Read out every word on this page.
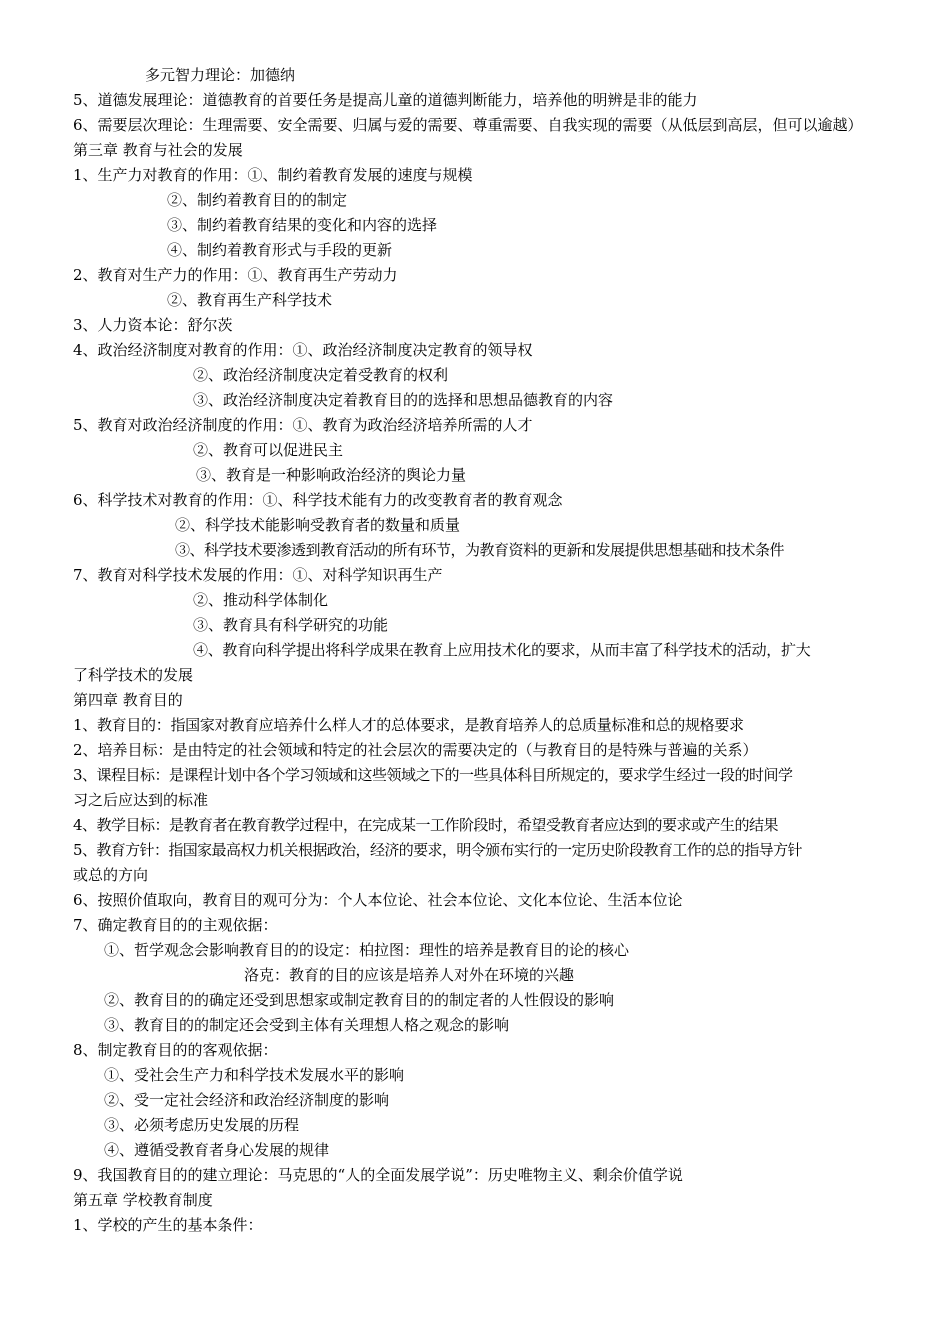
多元智力理论：加德纳
5、道德发展理论：道德教育的首要任务是提高儿童的道德判断能力，培养他的明辨是非的能力
6、需要层次理论：生理需要、安全需要、归属与爱的需要、尊重需要、自我实现的需要（从低层到高层，但可以逾越）
第三章 教育与社会的发展
1、生产力对教育的作用：①、制约着教育发展的速度与规模
②、制约着教育目的的制定
③、制约着教育结果的变化和内容的选择
④、制约着教育形式与手段的更新
2、教育对生产力的作用：①、教育再生产劳动力
②、教育再生产科学技术
3、人力资本论：舒尔茨
4、政治经济制度对教育的作用：①、政治经济制度决定教育的领导权
②、政治经济制度决定着受教育的权利
③、政治经济制度决定着教育目的的选择和思想品德教育的内容
5、教育对政治经济制度的作用：①、教育为政治经济培养所需的人才
②、教育可以促进民主
③、教育是一种影响政治经济的舆论力量
6、科学技术对教育的作用：①、科学技术能有力的改变教育者的教育观念
②、科学技术能影响受教育者的数量和质量
③、科学技术要渗透到教育活动的所有环节，为教育资料的更新和发展提供思想基础和技术条件
7、教育对科学技术发展的作用：①、对科学知识再生产
②、推动科学体制化
③、教育具有科学研究的功能
④、教育向科学提出将科学成果在教育上应用技术化的要求，从而丰富了科学技术的活动，扩大
了科学技术的发展
第四章 教育目的
1、教育目的：指国家对教育应培养什么样人才的总体要求，是教育培养人的总质量标准和总的规格要求
2、培养目标：是由特定的社会领域和特定的社会层次的需要决定的（与教育目的是特殊与普遍的关系）
3、课程目标：是课程计划中各个学习领域和这些领域之下的一些具体科目所规定的，要求学生经过一段的时间学
习之后应达到的标准
4、教学目标：是教育者在教育教学过程中，在完成某一工作阶段时，希望受教育者应达到的要求或产生的结果
5、教育方针：指国家最高权力机关根据政治，经济的要求，明令颁布实行的一定历史阶段教育工作的总的指导方针
或总的方向
6、按照价值取向，教育目的观可分为：个人本位论、社会本位论、文化本位论、生活本位论
7、确定教育目的的主观依据：
①、哲学观念会影响教育目的的设定：柏拉图：理性的培养是教育目的论的核心
洛克：教育的目的应该是培养人对外在环境的兴趣
②、教育目的的确定还受到思想家或制定教育目的的制定者的人性假设的影响
③、教育目的的制定还会受到主体有关理想人格之观念的影响
8、制定教育目的的客观依据：
①、受社会生产力和科学技术发展水平的影响
②、受一定社会经济和政治经济制度的影响
③、必须考虑历史发展的历程
④、遵循受教育者身心发展的规律
9、我国教育目的的建立理论：马克思的“人的全面发展学说”：历史唯物主义、剩余价值学说
第五章 学校教育制度
1、学校的产生的基本条件：
